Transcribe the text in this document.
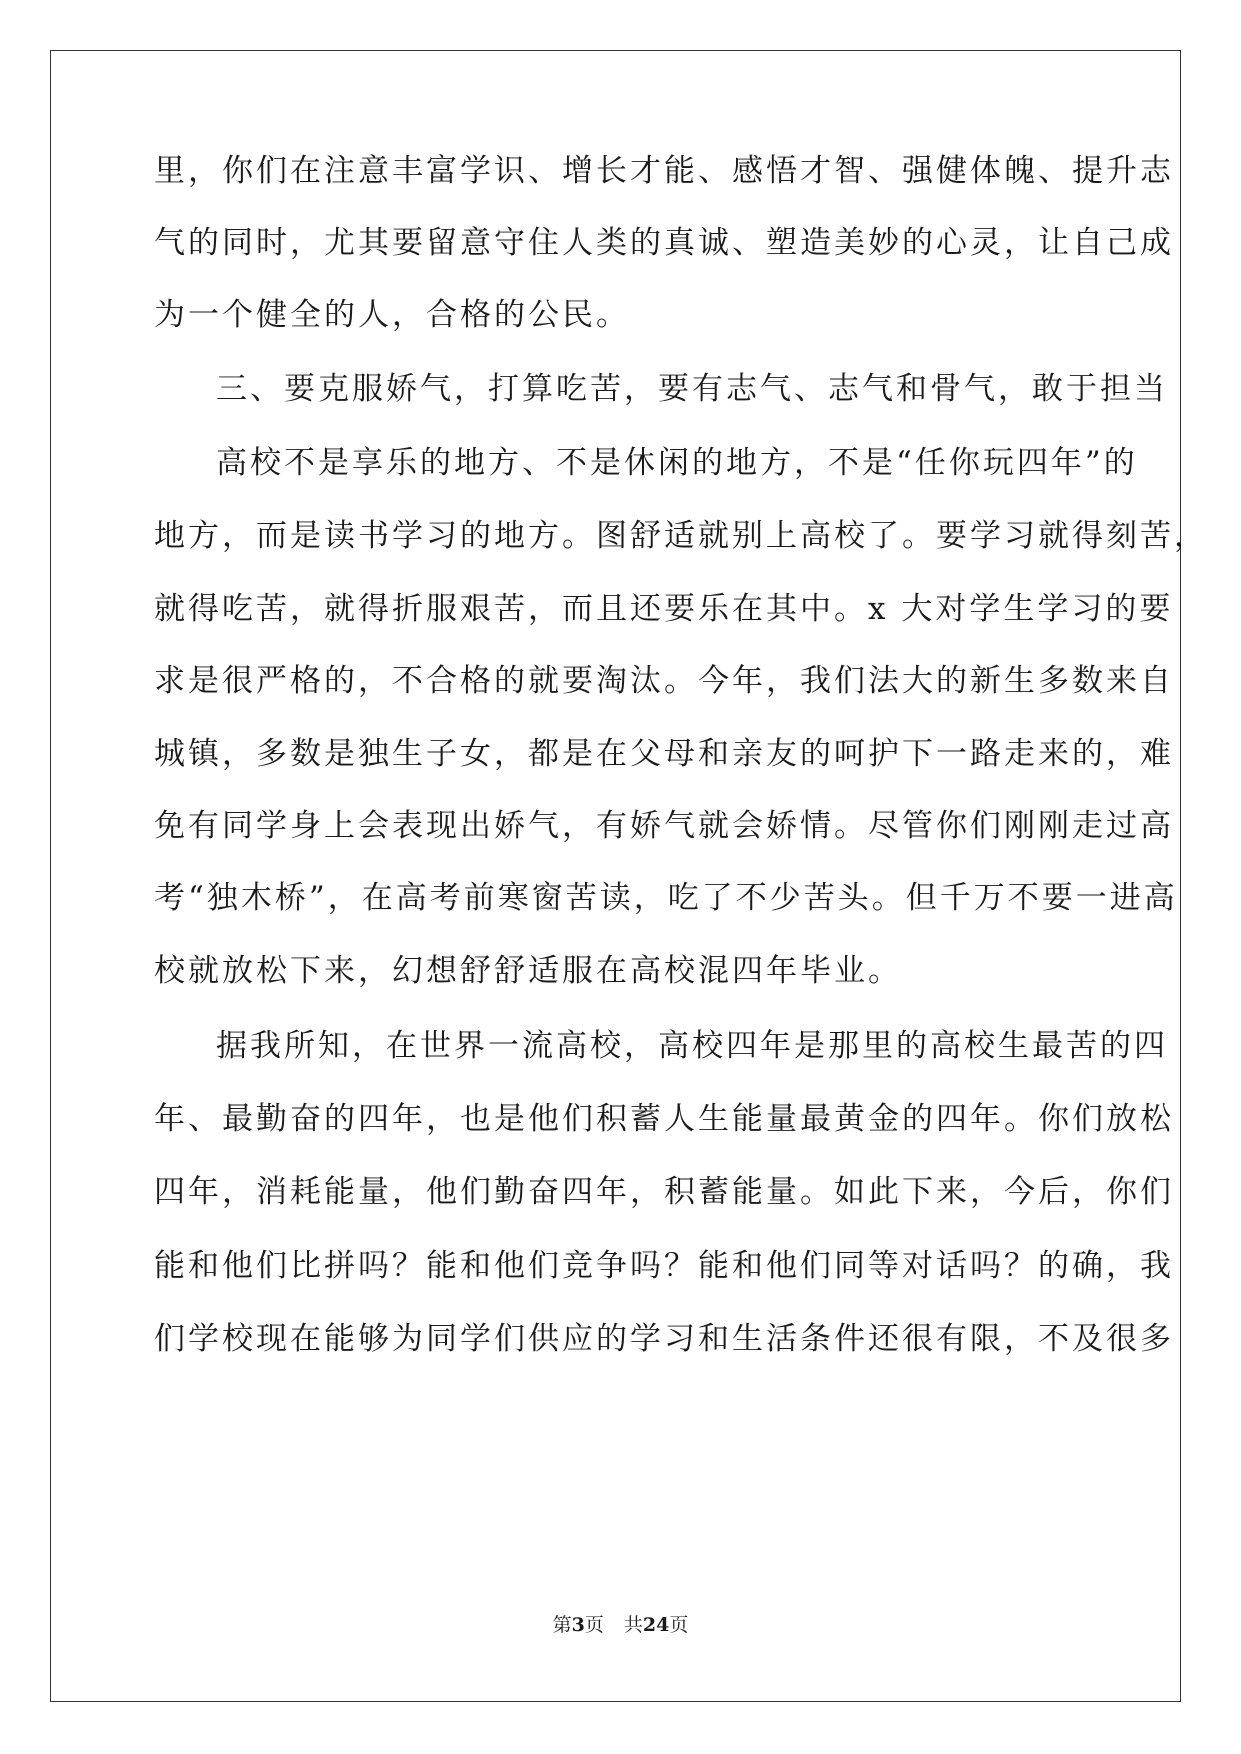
里，你们在注意丰富学识、增长才能、感悟才智、强健体魄、提升志
气的同时，尤其要留意守住人类的真诚、塑造美妙的心灵，让自己成
为一个健全的人，合格的公民。
三、要克服娇气，打算吃苦，要有志气、志气和骨气，敢于担当
高校不是享乐的地方、不是休闲的地方，不是“任你玩四年”的
地方，而是读书学习的地方。图舒适就别上高校了。要学习就得刻苦，
就得吃苦，就得折服艰苦，而且还要乐在其中。x 大对学生学习的要
求是很严格的，不合格的就要淘汰。今年，我们法大的新生多数来自
城镇，多数是独生子女，都是在父母和亲友的呵护下一路走来的，难
免有同学身上会表现出娇气，有娇气就会娇情。尽管你们刚刚走过高
考“独木桥”，在高考前寒窗苦读，吃了不少苦头。但千万不要一进高
校就放松下来，幻想舒舒适服在高校混四年毕业。
据我所知，在世界一流高校，高校四年是那里的高校生最苦的四
年、最勤奋的四年，也是他们积蓄人生能量最黄金的四年。你们放松
四年，消耗能量，他们勤奋四年，积蓄能量。如此下来，今后，你们
能和他们比拼吗？能和他们竞争吗？能和他们同等对话吗？的确，我
们学校现在能够为同学们供应的学习和生活条件还很有限，不及很多
第3页 共24页
